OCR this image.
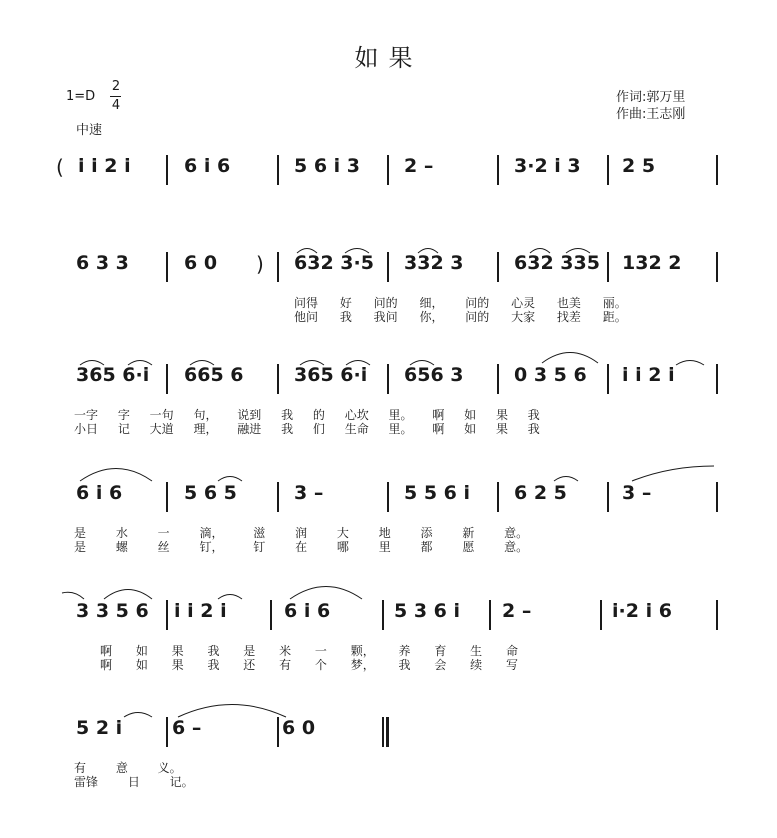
如果
1=D
2
4
中速
作词:郭万里
作曲:王志刚
( i i 2 i	6 i 6	5 6 i 3 2 –	3·2 i 3 2 5
6 3 3	6 0 ) 632 3·5 332 3	632 335 132 2
问得 好 问的 细， 问的 心灵 也美 丽。
他问 我 我问 你， 问的 大家 找差 距。
365 6·i 665 6	365 6·i 656 3	0 3 5 6 i i 2 i
一字 字 一句 句， 说到 我 的 心坎 里。 啊 如 果 我
小日 记 大道 理， 融进 我 们 生命 里。 啊 如 果 我
6 i 6	5 6 5	3 –	5 5 6 i 6 2 5	3 –
是 水 一 滴， 滋 润 大 地 添 新 意。
是 螺 丝 钉， 钉 在 哪 里 都 愿 意。
3 3 5 6 i i 2 i	6 i 6	5 3 6 i 2 –	i·2 i 6
啊 如 果 我 是 米 一 颗， 养 育 生 命
啊 如 果 我 还 有 个 梦， 我 会 续 写
5 2 i	6 –	6 0
有 意 义。
雷锋 日 记。
